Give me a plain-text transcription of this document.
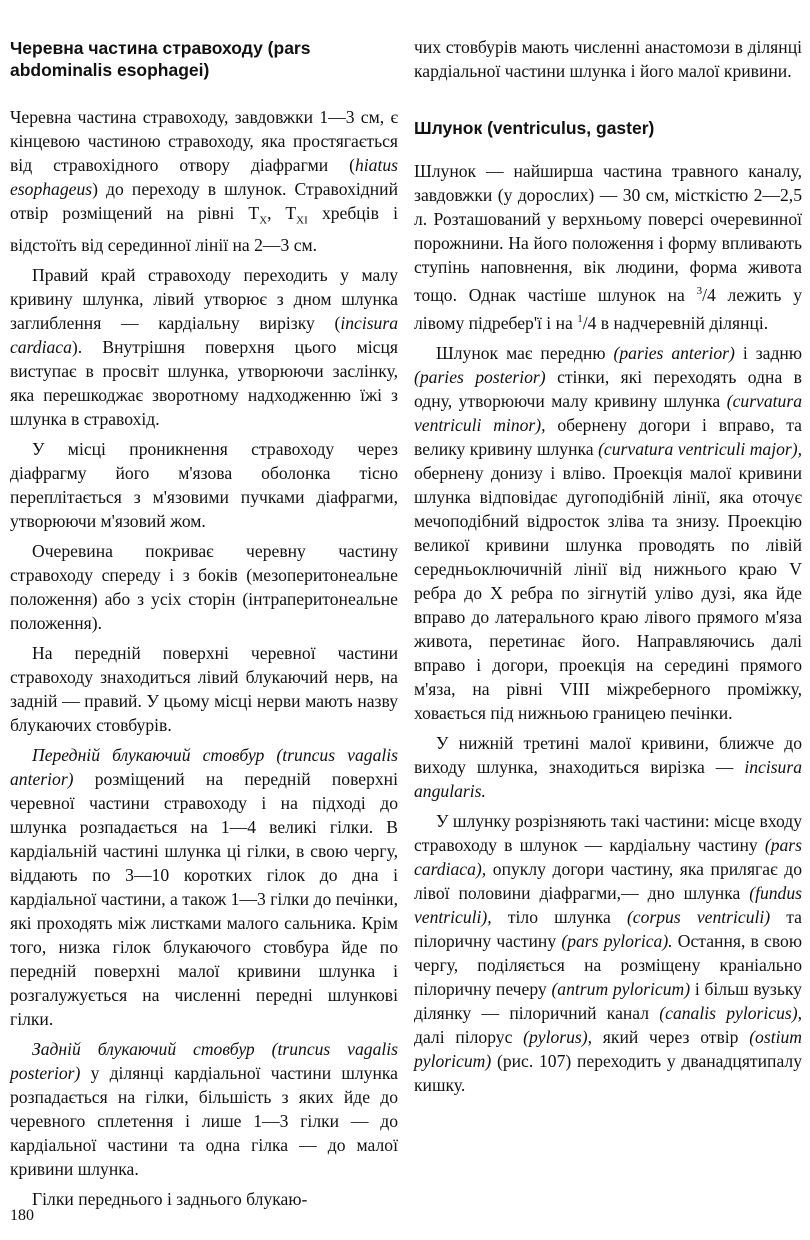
Черевна частина стравоходу (pars abdominalis esophagei)

Черевна частина стравоходу, завдовжки 1—3 см, є кінцевою частиною стравоходу, яка простягається від стравохідного отвору діафрагми (hiatus esophageus) до переходу в шлунок. Стравохідний отвір розміщений на рівні $T_X$, $T_{XI}$ хребців і відстоїть від серединної лінії на 2—3 см.

Правий край стравоходу переходить у малу кривину шлунка, лівий утворює з дном шлунка заглиблення — кардіальну вирізку (incisura cardiaca). Внутрішня поверхня цього місця виступає в просвіт шлунка, утворюючи заслінку, яка перешкоджає зворотному надходженню їжі з шлунка в стравохід.

У місці проникнення стравоходу через діафрагму його м'язова оболонка тісно переплітається з м'язовими пучками діафрагми, утворюючи м'язовий жом.

Очеревина покриває черевну частину стравоходу спереду і з боків (мезоперитонеальне положення) або з усіх сторін (інтраперитонеальне положення).

На передній поверхні черевної частини стравоходу знаходиться лівий блукаючий нерв, на задній — правий. У цьому місці нерви мають назву блукаючих стовбурів.

Передній блукаючий стовбур (truncus vagalis anterior) розміщений на передній поверхні черевної частини стравоходу і на підході до шлунка розпадається на 1—4 великі гілки. В кардіальній частині шлунка ці гілки, в свою чергу, віддають по 3—10 коротких гілок до дна і кардіальної частини, а також 1—3 гілки до печінки, які проходять між листками малого сальника. Крім того, низка гілок блукаючого стовбура йде по передній поверхні малої кривини шлунка і розгалужується на численні передні шлункові гілки.

Задній блукаючий стовбур (truncus vagalis posterior) у ділянці кардіальної частини шлунка розпадається на гілки, більшість з яких йде до черевного сплетення і лише 1—3 гілки — до кардіальної частини та одна гілка — до малої кривини шлунка.

Гілки переднього і заднього блукаю-

чих стовбурів мають численні анастомози в ділянці кардіальної частини шлунка і його малої кривини.

Шлунок (ventriculus, gaster)

Шлунок — найширша частина травного каналу, завдовжки (у дорослих) — 30 см, місткістю 2—2,5 л. Розташований у верхньому поверсі очеревинної порожнини. На його положення і форму впливають ступінь наповнення, вік людини, форма живота тощо. Однак частіше шлунок на $^3$/4 лежить у лівому підребер'ї і на $^1$/4 в надчеревній ділянці.

Шлунок має передню (paries anterior) і задню (paries posterior) стінки, які переходять одна в одну, утворюючи малу кривину шлунка (curvatura ventriculi minor), обернену догори і вправо, та велику кривину шлунка (curvatura ventriculi major), обернену донизу і вліво. Проекція малої кривини шлунка відповідає дугоподібній лінії, яка оточує мечоподібний відросток зліва та знизу. Проекцію великої кривини шлунка проводять по лівій середньоключичній лінії від нижнього краю V ребра до X ребра по зігнутій уліво дузі, яка йде вправо до латерального краю лівого прямого м'яза живота, перетинає його. Направляючись далі вправо і догори, проекція на середині прямого м'яза, на рівні VIII міжреберного проміжку, ховається під нижньою границею печінки.

У нижній третині малої кривини, ближче до виходу шлунка, знаходиться вирізка — incisura angularis.

У шлунку розрізняють такі частини: місце входу стравоходу в шлунок — кардіальну частину (pars cardiaca), опуклу догори частину, яка прилягає до лівої половини діафрагми,— дно шлунка (fundus ventriculi), тіло шлунка (corpus ventriculi) та пілоричну частину (pars pylorica). Остання, в свою чергу, поділяється на розміщену краніально пілоричну печеру (antrum pyloricum) і більш вузьку ділянку — пілоричний канал (canalis pyloricus), далі пілорус (pylorus), який через отвір (ostium pyloricum) (рис. 107) переходить у дванадцятипалу кишку.

180
